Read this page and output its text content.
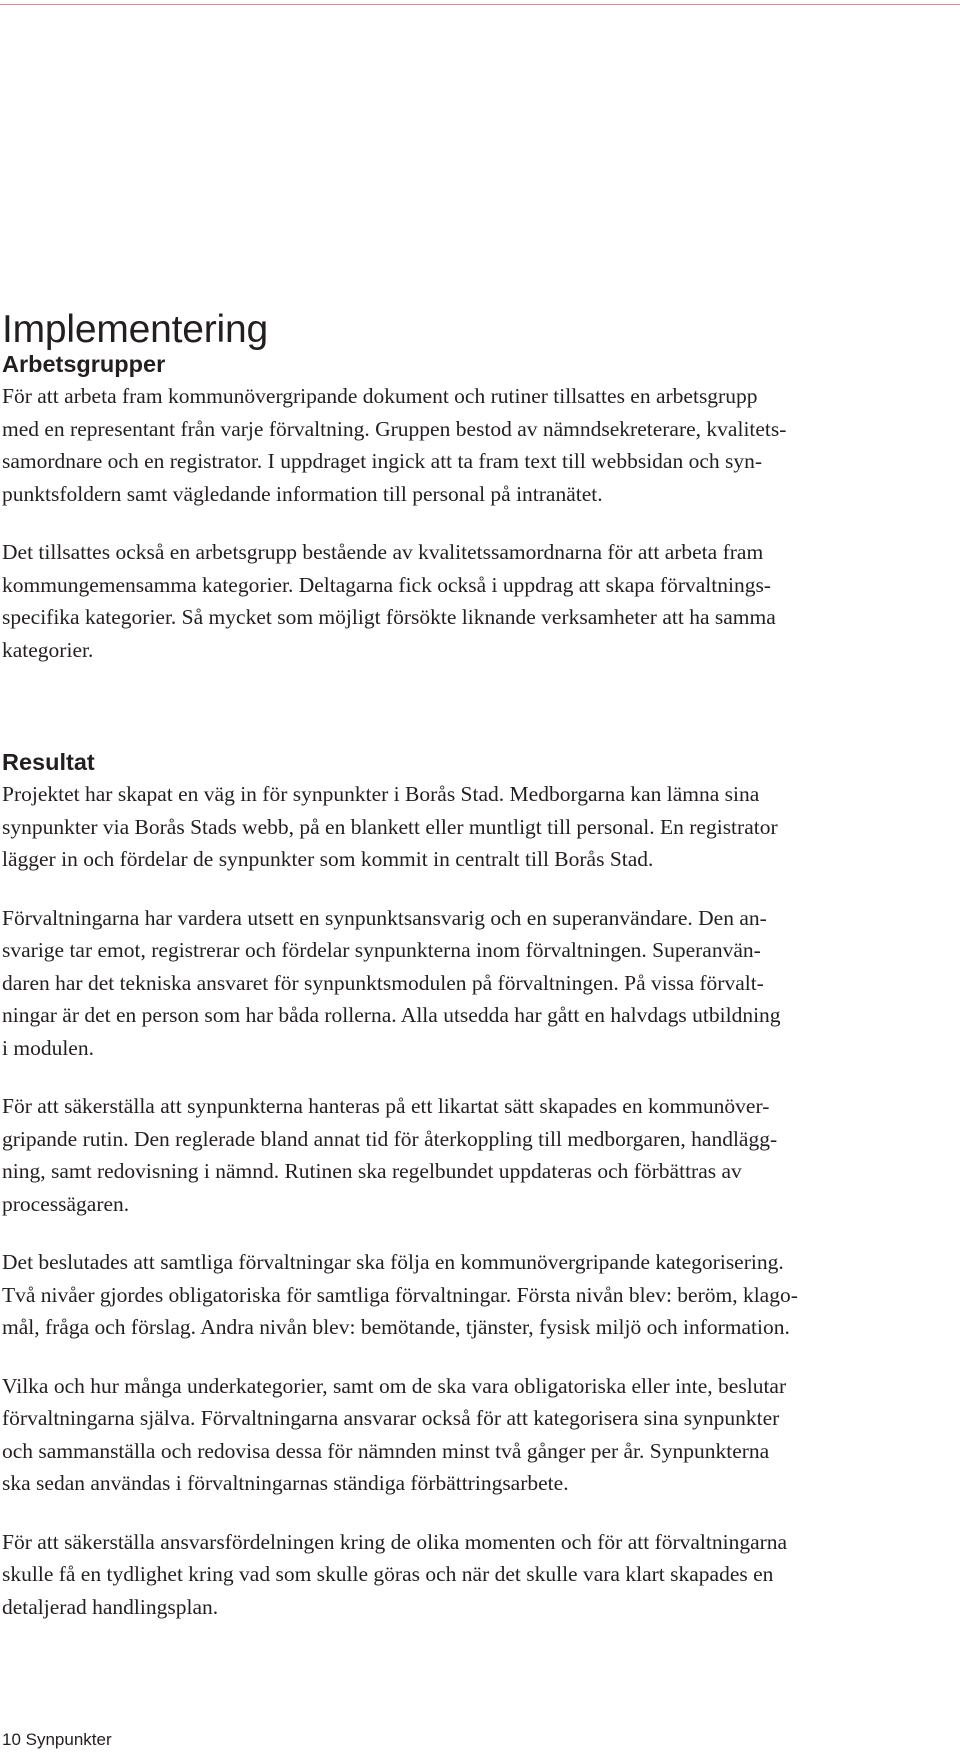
Implementering
Arbetsgrupper

För att arbeta fram kommunövergripande dokument och rutiner tillsattes en arbetsgrupp
med en representant från varje förvaltning. Gruppen bestod av nämndsekreterare, kvalitets-
samordnare och en registrator. I uppdraget ingick att ta fram text till webbsidan och syn-
punktsfoldern samt vägledande information till personal på intranätet.

Det tillsattes också en arbetsgrupp bestående av kvalitetssamordnarna för att arbeta fram
kommungemensamma kategorier. Deltagarna fick också i uppdrag att skapa förvaltnings-
specifika kategorier. Så mycket som möjligt försökte liknande verksamheter att ha samma
kategorier.

Resultat

Projektet har skapat en väg in för synpunkter i Borås Stad. Medborgarna kan lämna sina
synpunkter via Borås Stads webb, på en blankett eller muntligt till personal. En registrator
lägger in och fördelar de synpunkter som kommit in centralt till Borås Stad.

Förvaltningarna har vardera utsett en synpunktsansvarig och en superanvändare. Den an-
svarige tar emot, registrerar och fördelar synpunkterna inom förvaltningen. Superanvän-
daren har det tekniska ansvaret för synpunktsmodulen på förvaltningen. På vissa förvalt-
ningar är det en person som har båda rollerna. Alla utsedda har gått en halvdags utbildning
i modulen.

För att säkerställa att synpunkterna hanteras på ett likartat sätt skapades en kommunöver-
gripande rutin. Den reglerade bland annat tid för återkoppling till medborgaren, handlägg-
ning, samt redovisning i nämnd. Rutinen ska regelbundet uppdateras och förbättras av
processägaren.

Det beslutades att samtliga förvaltningar ska följa en kommunövergripande kategorisering.
Två nivåer gjordes obligatoriska för samtliga förvaltningar. Första nivån blev: beröm, klago-
mål, fråga och förslag. Andra nivån blev: bemötande, tjänster, fysisk miljö och information.

Vilka och hur många underkategorier, samt om de ska vara obligatoriska eller inte, beslutar
förvaltningarna själva. Förvaltningarna ansvarar också för att kategorisera sina synpunkter
och sammanställa och redovisa dessa för nämnden minst två gånger per år. Synpunkterna
ska sedan användas i förvaltningarnas ständiga förbättringsarbete.

För att säkerställa ansvarsfördelningen kring de olika momenten och för att förvaltningarna
skulle få en tydlighet kring vad som skulle göras och när det skulle vara klart skapades en
detaljerad handlingsplan.

10 Synpunkter
